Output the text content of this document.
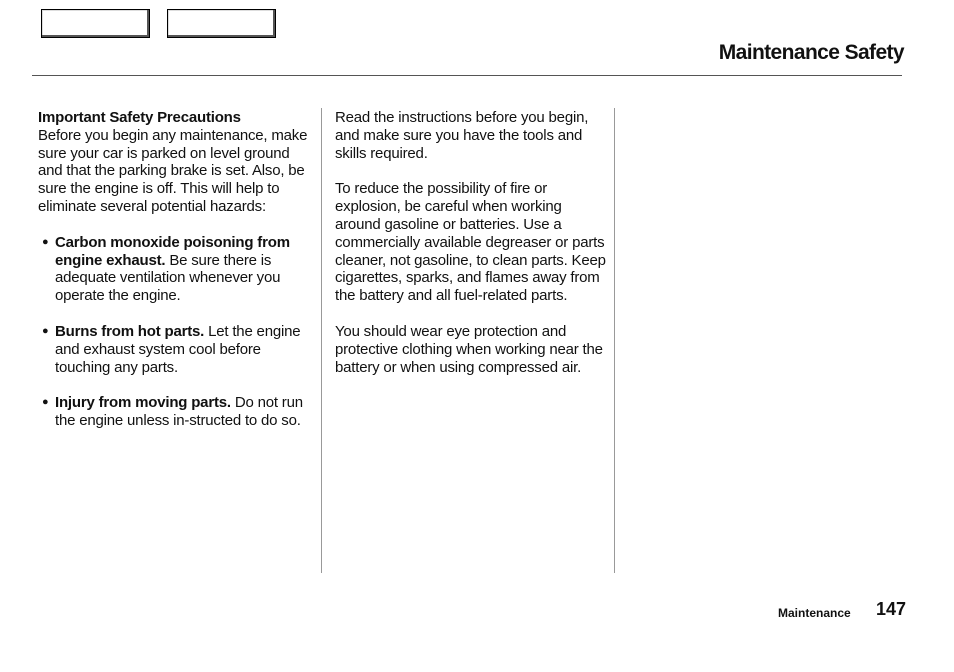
Maintenance Safety

Important Safety Precautions
Before you begin any maintenance, make sure your car is parked on level ground and that the parking brake is set. Also, be sure the engine is off. This will help to eliminate several potential hazards:

● Carbon monoxide poisoning from engine exhaust. Be sure there is adequate ventilation whenever you operate the engine.
● Burns from hot parts. Let the engine and exhaust system cool before touching any parts.
● Injury from moving parts. Do not run the engine unless in-structed to do so.

Read the instructions before you begin, and make sure you have the tools and skills required.

To reduce the possibility of fire or explosion, be careful when working around gasoline or batteries. Use a commercially available degreaser or parts cleaner, not gasoline, to clean parts. Keep cigarettes, sparks, and flames away from the battery and all fuel-related parts.

You should wear eye protection and protective clothing when working near the battery or when using compressed air.

Maintenance 147
